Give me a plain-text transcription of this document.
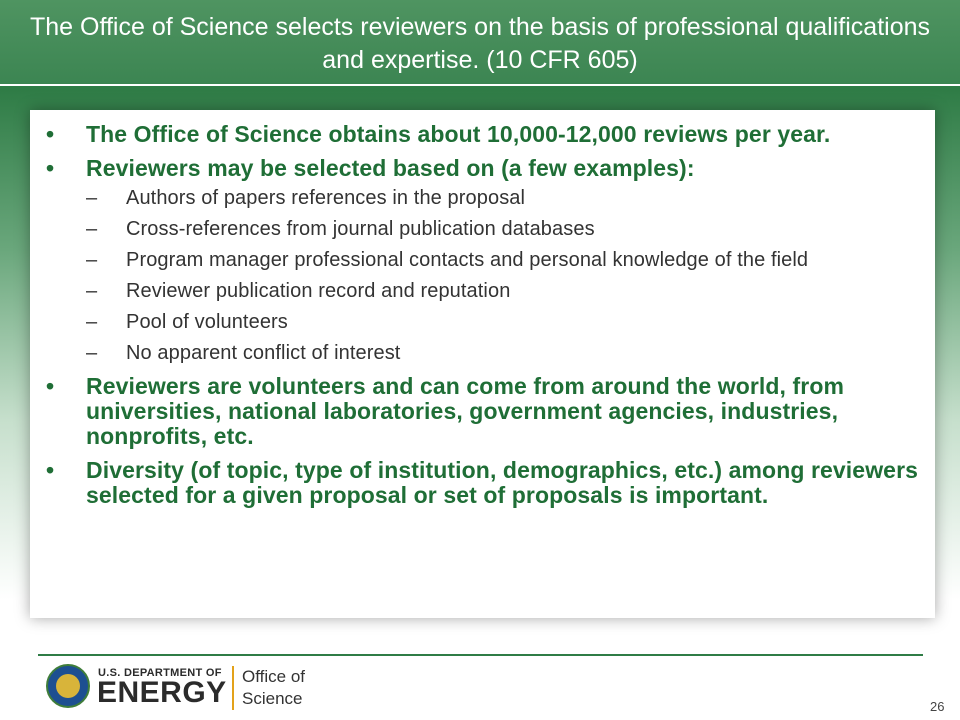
The Office of Science selects reviewers on the basis of professional qualifications and expertise. (10 CFR 605)
•	The Office of Science obtains about 10,000-12,000 reviews per year.
•	Reviewers may be selected based on (a few examples):
– Authors of papers references in the proposal
– Cross-references from journal publication databases
– Program manager professional contacts and personal knowledge of the field
– Reviewer publication record and reputation
– Pool of volunteers
– No apparent conflict of interest
•	Reviewers are volunteers and can come from around the world, from universities, national laboratories, government agencies, industries, nonprofits, etc.
•	Diversity (of topic, type of institution, demographics, etc.) among reviewers selected for a given proposal or set of proposals is important.
U.S. DEPARTMENT OF
ENERGY Office of
Science	26
